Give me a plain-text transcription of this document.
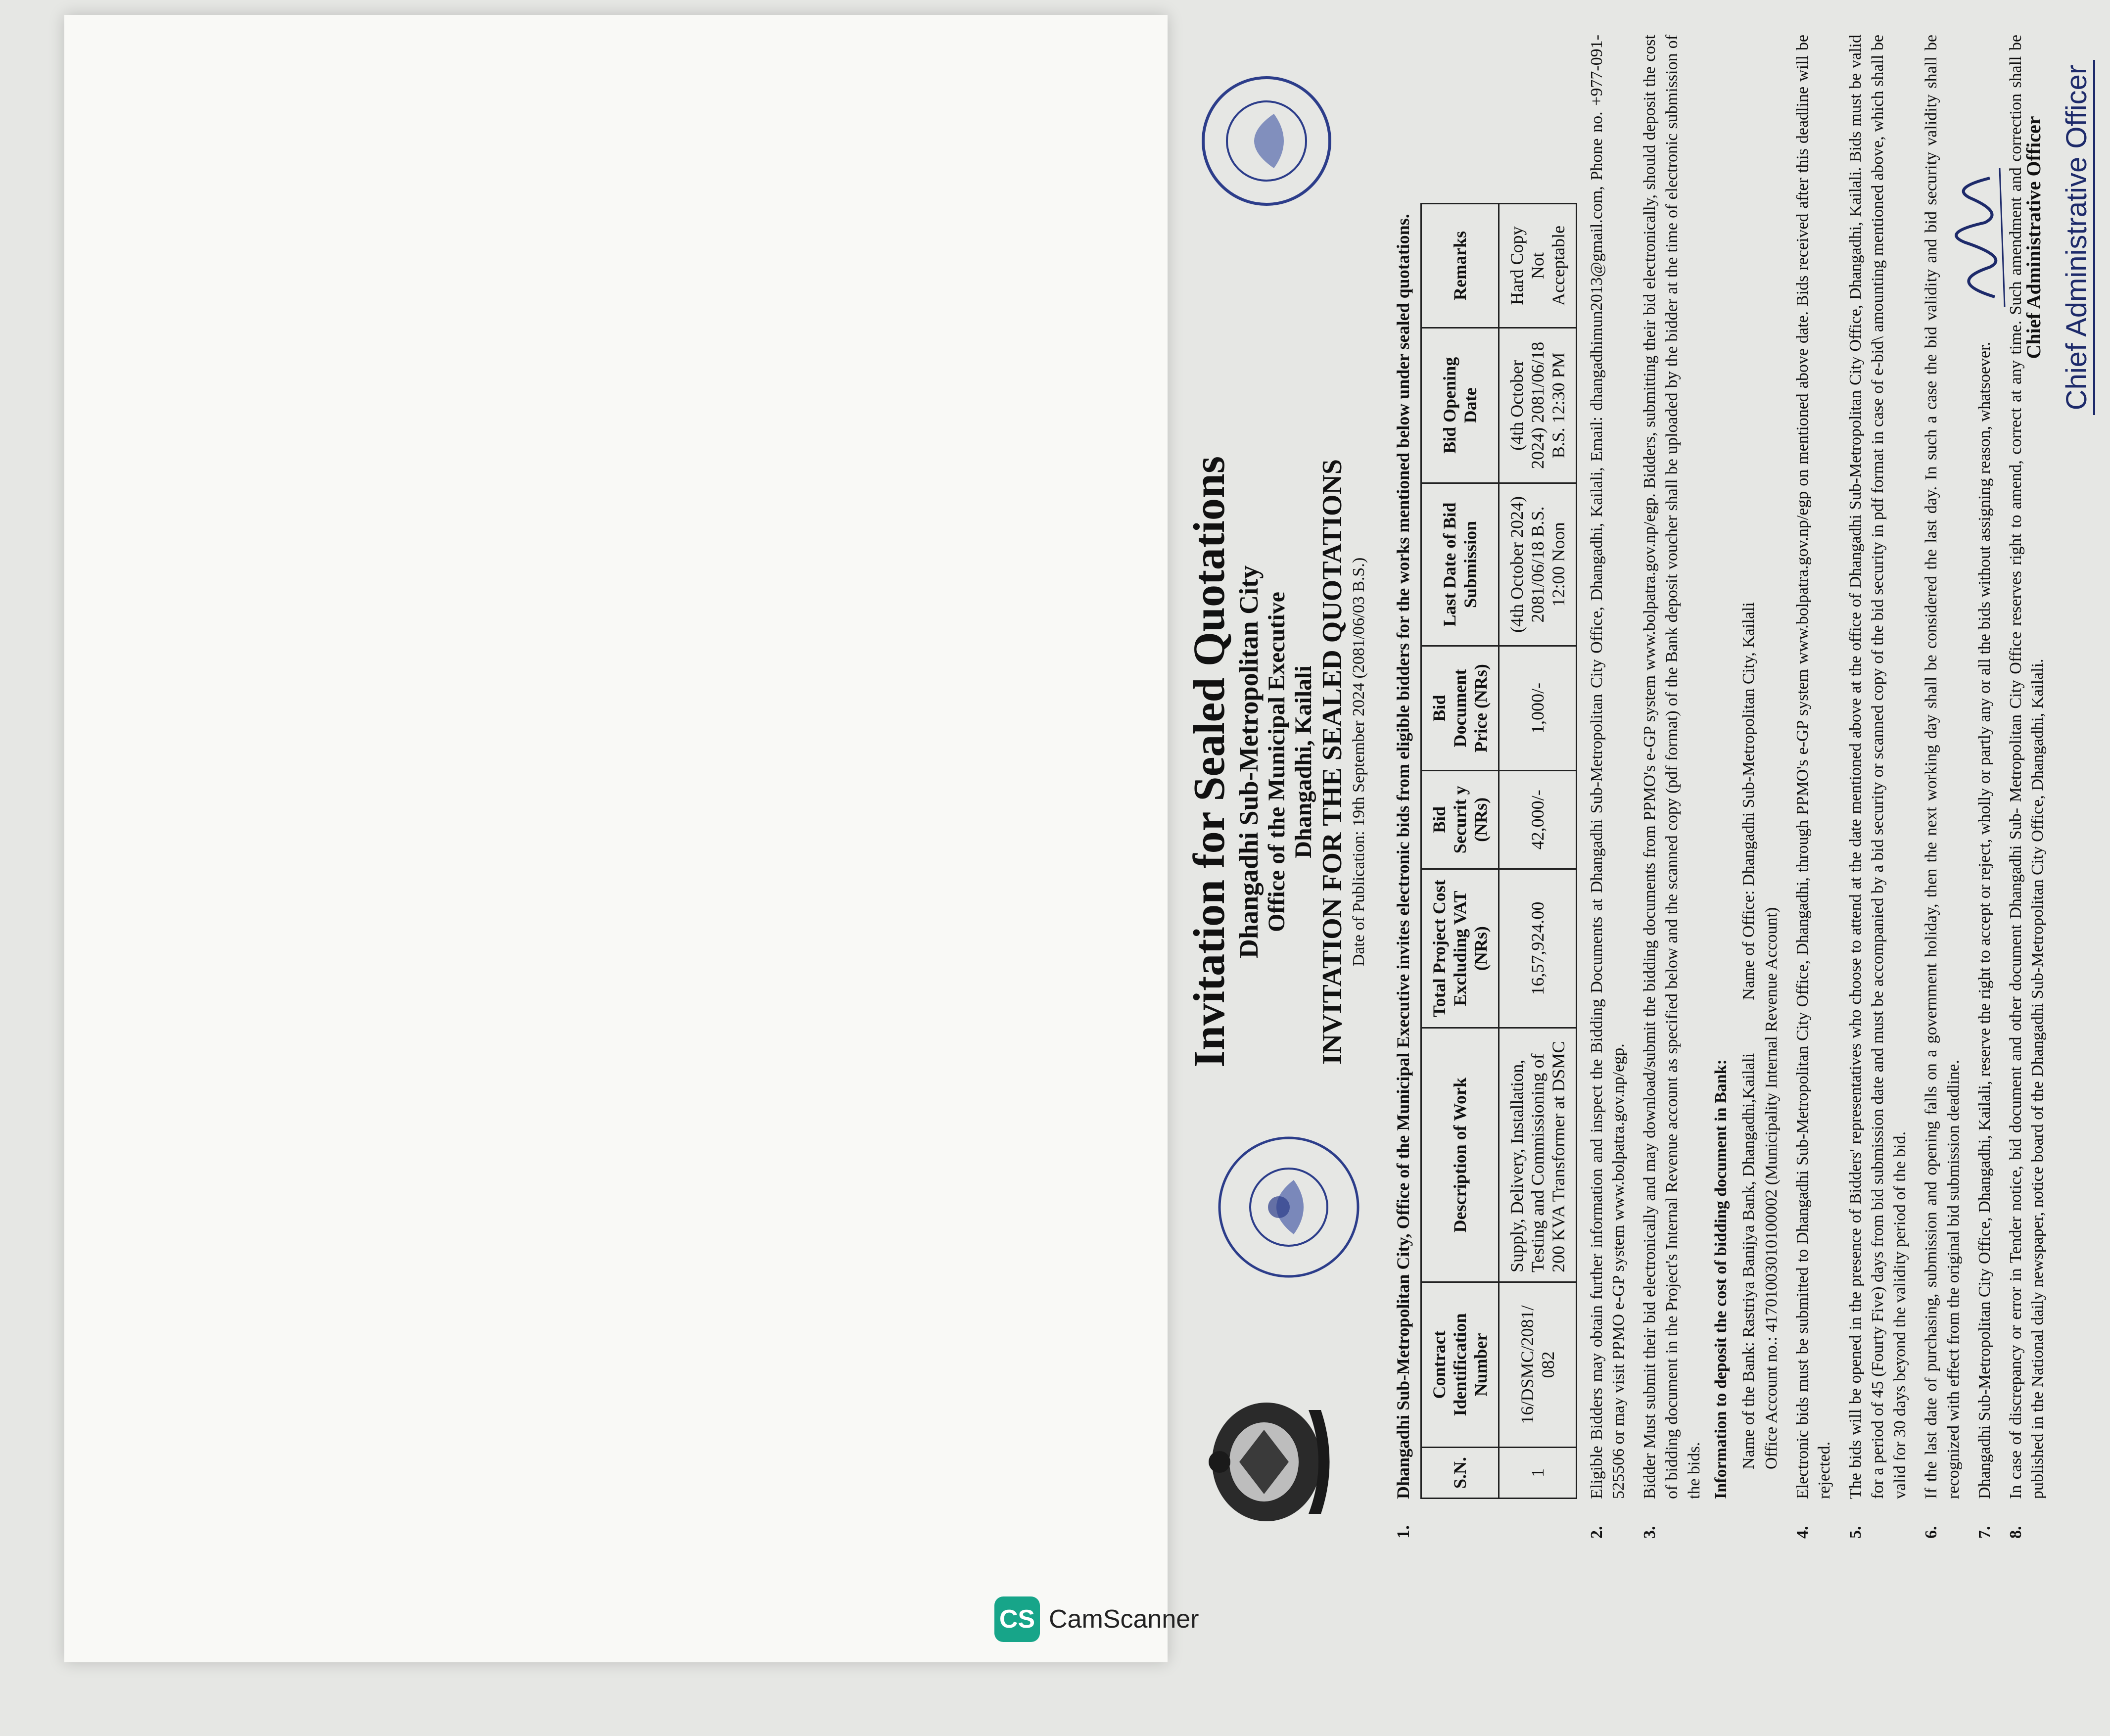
Invitation for Sealed Quotations Dhangadhi Sub-Metropolitan City Office of the Municipal Executive Dhangadhi, Kailali INVITATION FOR THE SEALED QUOTATIONS Date of Publication: 19th September 2024 (2081/06/03 B.S.)
1.
Dhangadhi Sub-Metropolitan City, Office of the Municipal Executive invites electronic bids from eligible bidders for the works mentioned below under sealed quotations. S.N.	Contract Identification Number	Description of Work	Total Project Cost Excluding VAT (NRs)	Bid Securit y (NRs)	Bid Document Price (NRs)	Last Date of Bid Submission	Bid Opening Date	Remarks
1	16/DSMC/2081/ 082	Supply, Delivery, Installation, Testing and Commissioning of 200 KVA Transformer at DSMC	16,57,924.00	42,000/-	1,000/-	(4th October 2024) 2081/06/18 B.S. 12:00 Noon	(4th October 2024) 2081/06/18 B.S. 12:30 PM	Hard Copy Not Acceptable
2.
Eligible Bidders may obtain further information and inspect the Bidding Documents at Dhangadhi Sub-Metropolitan City Office, Dhangadhi, Kailali, Email: dhangadhimun2013@gmail.com, Phone no. +977-091-525506 or may visit PPMO e-GP system www.bolpatra.gov.np/egp.
3.
Bidder Must submit their bid electronically and may download/submit the bidding documents from PPMO's e-GP system www.bolpatra.gov.np/egp. Bidders, submitting their bid electronically, should deposit the cost of bidding document in the Project's Internal Revenue account as specified below and the scanned copy (pdf format) of the Bank deposit voucher shall be uploaded by the bidder at the time of electronic submission of the bids. Information to deposit the cost of bidding document in Bank: Name of the Bank: Rastriya Banijya Bank, Dhangadhi,Kailali  Name of Office: Dhangadhi Sub-Metropolitan City, Kailali
Office Account no.: 41701003010100002 (Municipality Internal Revenue Account)
4.
Electronic bids must be submitted to Dhangadhi Sub-Metropolitan City Office, Dhangadhi, through PPMO's e-GP system www.bolpatra.gov.np/egp on mentioned above date. Bids received after this deadline will be rejected.
5.
The bids will be opened in the presence of Bidders' representatives who choose to attend at the date mentioned above at the office of Dhangadhi Sub-Metropolitan City Office, Dhangadhi, Kailali. Bids must be valid for a period of 45 (Fourty Five) days from bid submission date and must be accompanied by a bid security or scanned copy of the bid security in pdf format in case of e-bid\ amounting mentioned above, which shall be valid for 30 days beyond the validity period of the bid.
6.
If the last date of purchasing, submission and opening falls on a government holiday, then the next working day shall be considered the last day. In such a case the bid validity and bid security validity shall be recognized with effect from the original bid submission deadline.
7.
Dhangadhi Sub-Metropolitan City Office, Dhangadhi, Kailali, reserve the right to accept or reject, wholly or partly any or all the bids without assigning reason, whatsoever.
8.
In case of discrepancy or error in Tender notice, bid document and other document Dhangadhi Sub- Metropolitan City Office reserves right to amend, correct at any time. Such amendment and correction shall be published in the National daily newspaper, notice board of the Dhangadhi Sub-Metropolitan City Office, Dhangadhi, Kailali.
Chief Administrative Officer Chief Administrative Officer
CS CamScanner
